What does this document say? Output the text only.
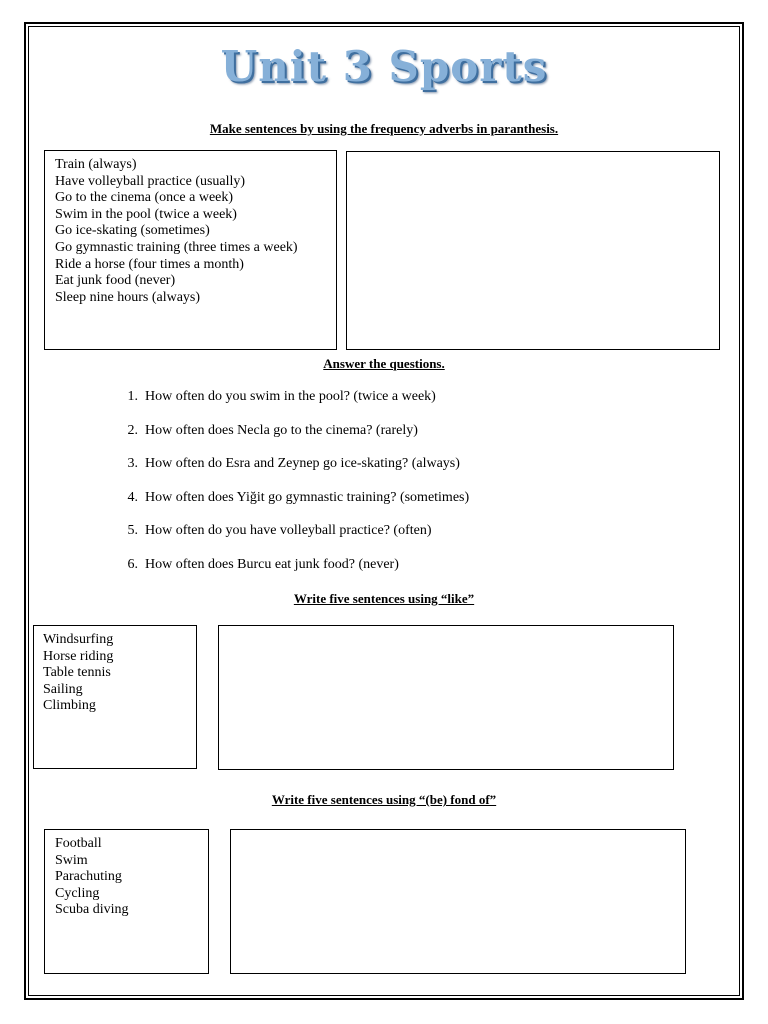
Unit 3 Sports
Make sentences by using the frequency adverbs in paranthesis.
Train (always)
Have volleyball practice (usually)
Go to the cinema (once a week)
Swim in the pool (twice a week)
Go ice-skating (sometimes)
Go gymnastic training (three times a week)
Ride a horse (four times a month)
Eat junk food (never)
Sleep nine hours (always)
Answer the questions.
1. How often do you swim in the pool? (twice a week)
2. How often does Necla go to the cinema? (rarely)
3. How often do Esra and Zeynep go ice-skating? (always)
4. How often does Yiğit go gymnastic training? (sometimes)
5. How often do you have volleyball practice? (often)
6. How often does Burcu eat junk food? (never)
Write five sentences using “like”
Windsurfing
Horse riding
Table tennis
Sailing
Climbing
Write five sentences using “(be) fond of”
Football
Swim
Parachuting
Cycling
Scuba diving
